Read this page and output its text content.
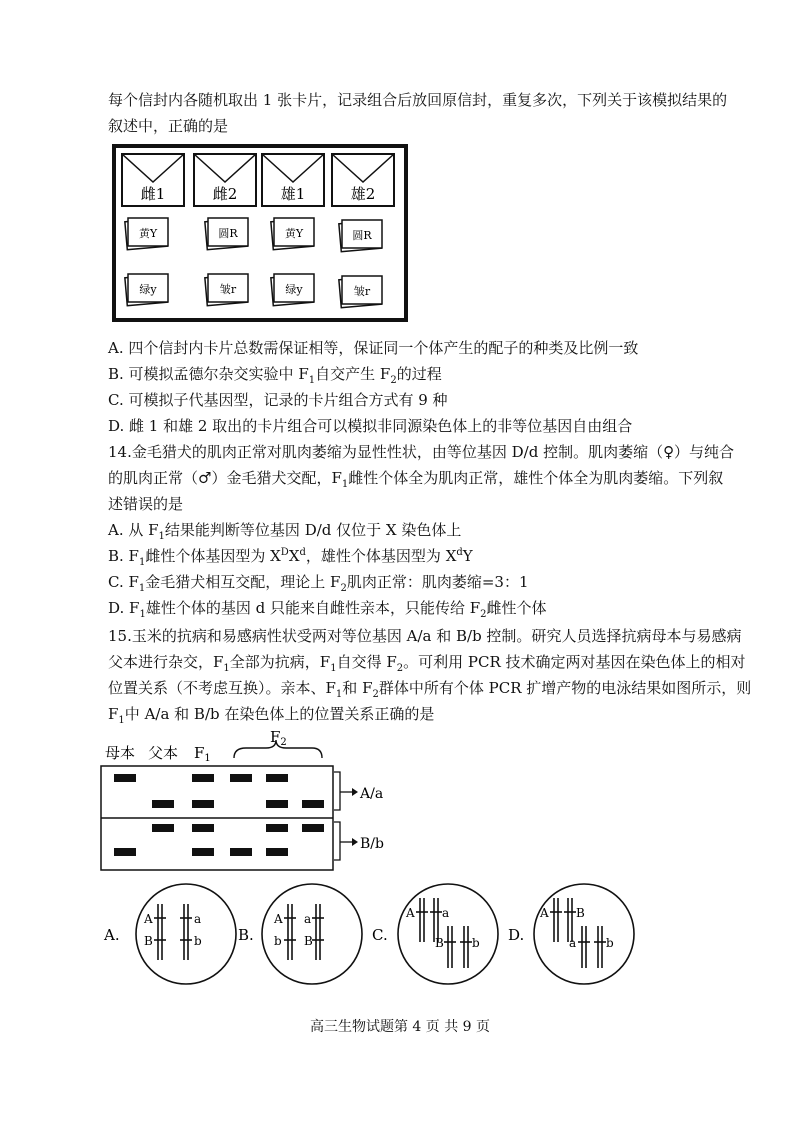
每个信封内各随机取出 1 张卡片，记录组合后放回原信封，重复多次，下列关于该模拟结果的
叙述中，正确的是
雌1	雌2	雄1	雄2
黄Y	圆R	黄Y	圆R
绿y	皱r	绿y	皱r
A. 四个信封内卡片总数需保证相等，保证同一个体产生的配子的种类及比例一致
B. 可模拟孟德尔杂交实验中 $F_1$自交产生 $F_2$的过程
C. 可模拟子代基因型，记录的卡片组合方式有 9 种
D. 雌 1 和雄 2 取出的卡片组合可以模拟非同源染色体上的非等位基因自由组合
14.金毛猎犬的肌肉正常对肌肉萎缩为显性性状，由等位基因 D/d 控制。肌肉萎缩（♀）与纯合
的肌肉正常（♂）金毛猎犬交配，$F_1$雌性个体全为肌肉正常，雄性个体全为肌肉萎缩。下列叙
述错误的是
A. 从 $F_1$结果能判断等位基因 D/d 仅位于 X 染色体上
B. $F_1$雌性个体基因型为 $X^DX^d$，雄性个体基因型为 $X^dY$
C. $F_1$金毛猎犬相互交配，理论上 $F_2$肌肉正常：肌肉萎缩=3：1
D. $F_1$雄性个体的基因 d 只能来自雌性亲本，只能传给 $F_2$雌性个体
15.玉米的抗病和易感病性状受两对等位基因 A/a 和 B/b 控制。研究人员选择抗病母本与易感病
父本进行杂交，$F_1$全部为抗病，$F_1$自交得 $F_2$。可利用 PCR 技术确定两对基因在染色体上的相对
位置关系（不考虑互换）。亲本、$F_1$和 $F_2$群体中所有个体 PCR 扩增产物的电泳结果如图所示，则
$F_1$中 A/a 和 B/b 在染色体上的位置关系正确的是
母本 父本 $F_1$
$F_2$
A/a
B/b
A.
A
B
a
b B.
A
b
a
B	C.
A a
B b D.
A B
a b
高三生物试题第 4 页 共 9 页
